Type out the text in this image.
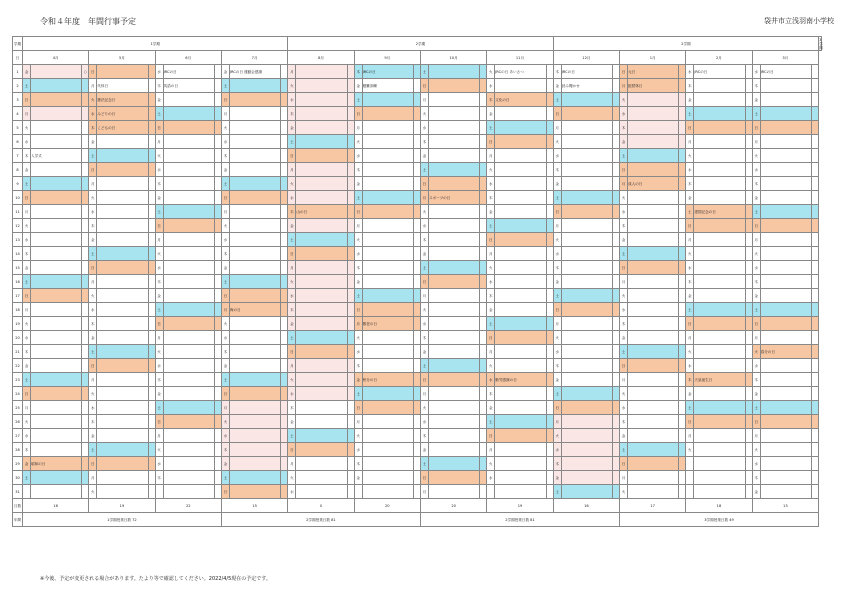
令和４年度　年間行事予定	袋井市立浅羽南小学校
学期	1学期												2学期												2学期												3学期
日	4月			5月			6月			7月			8月			9月			10月			11月			12月			1月			2月			3月			
1	金		○	日			水	JRCの日		金	JRCの日 運動会感謝		月			木	JRCの日		土			火	JRCの日 あいさつ		木	JRCの日		日	元日		水	JRCの日		水	JRCの日		
2	土			月	代休日		木	英語の日		土			火			金	避難訓練		日			水			金	読み聞かせ		月	振替休日		木			木			
3	日			火	憲法記念日		金			日			水			土			月			木	文化の日		土			火			金			金			
4	月			水	みどりの日		土			月			木			日			火			金			日			水			土			土			
5	火			木	こどもの日		日			火			金			月			水			土			月			木			日			日			
6	水			金			月			水			土			火			木			日			火			金			月			月			
7	木	入学式		土			火			木			日			水			金			月			水			土			火			火			
8	金			日			水			金			月			木			土			火			木			日			水			水			
9	土			月			木			土			火			金			日			水			金			月	成人の日		木			木			
10	日			火			金			日			水			土			月	スポーツの日		木			土			火			金			金			
11	月			水			土			月			木	山の日		日			火			金			日			水			土	建国記念の日		土			
12	火			木			日			火			金			月			水			土			月			木			日			日			
13	水			金			月			水			土			火			木			日			火			金			月			月			
14	木			土			火			木			日			水			金			月			水			土			火			火			
15	金			日			水			金			月			木			土			火			木			日			水			水			
16	土			月			木			土			火			金			日			水			金			月			木			木			
17	日			火			金			日			水			土			月			木			土			火			金			金			
18	月			水			土			月	海の日		木			日			火			金			日			水			土			土			
19	火			木			日			火			金			月	敬老の日		水			土			月			木			日			日			
20	水			金			月			水			土			火			木			日			火			金			月			月			
21	木			土			火			木			日			水			金			月			水			土			火			火	春分の日		
22	金			日			水			金			月			木			土			火			木			日			水			水			
23	土			月			木			土			火			金	秋分の日		日			水	勤労感謝の日		金			月			木	天皇誕生日		木			
24	日			火			金			日			水			土			月			木			土			火			金			金			
25	月			水			土			月			木			日			火			金			日			水			土			土			
26	火			木			日			火			金			月			水			土			月			木			日			日			
27	水			金			月			水			土			火			木			日			火			金			月			月			
28	木			土			火			木			日			水			金			月			水			土			火			火			
29	金	昭和の日		日			水			金			月			木			土			火			木			日						水			
30	土			月			木			土			火			金			日			水			金			月						木			
31				火						日			水						月						土			火						金			
日数	16			19			22			15			0			20			20			19			16			17			18			13			
年間	1学期授業日数 72									2学期授業日数 81									2学期授業日数 81									3学期授業日数 49									
※今後、予定が変更される場合があります。たより等で確認してください。2022/4/5現在の予定です。
